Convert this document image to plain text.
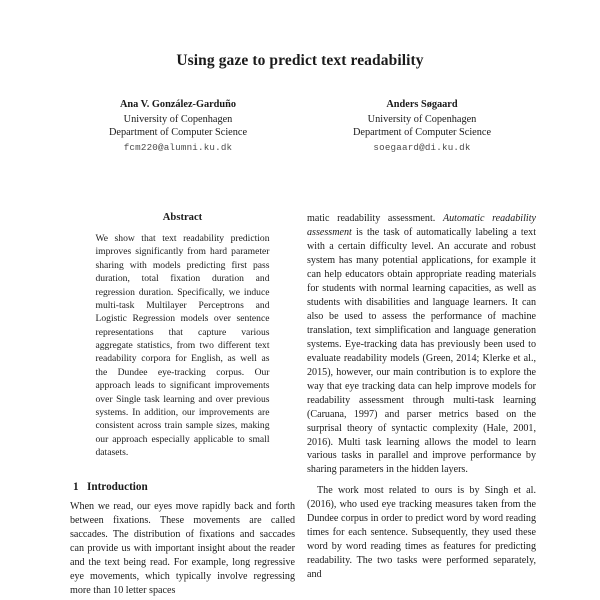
Using gaze to predict text readability
Ana V. González-Garduño
University of Copenhagen
Department of Computer Science
fcm220@alumni.ku.dk
Anders Søgaard
University of Copenhagen
Department of Computer Science
soegaard@di.ku.dk
Abstract
We show that text readability prediction improves significantly from hard parameter sharing with models predicting first pass duration, total fixation duration and regression duration. Specifically, we induce multi-task Multilayer Perceptrons and Logistic Regression models over sentence representations that capture various aggregate statistics, from two different text readability corpora for English, as well as the Dundee eye-tracking corpus. Our approach leads to significant improvements over Single task learning and over previous systems. In addition, our improvements are consistent across train sample sizes, making our approach especially applicable to small datasets.
1 Introduction

When we read, our eyes move rapidly back and forth between fixations. These movements are called saccades. The distribution of fixations and saccades can provide us with important insight about the reader and the text being read. For example, long regressive eye movements, which typically involve regressing more than 10 letter spaces

matic readability assessment. Automatic readability assessment is the task of automatically labeling a text with a certain difficulty level. An accurate and robust system has many potential applications, for example it can help educators obtain appropriate reading materials for students with normal learning capacities, as well as students with disabilities and language learners. It can also be used to assess the performance of machine translation, text simplification and language generation systems. Eye-tracking data has previously been used to evaluate readability models (Green, 2014; Klerke et al., 2015), however, our main contribution is to explore the way that eye tracking data can help improve models for readability assessment through multi-task learning (Caruana, 1997) and parser metrics based on the surprisal theory of syntactic complexity (Hale, 2001, 2016). Multi task learning allows the model to learn various tasks in parallel and improve performance by sharing parameters in the hidden layers.

The work most related to ours is by Singh et al. (2016), who used eye tracking measures taken from the Dundee corpus in order to predict word by word reading times for each sentence. Subsequently, they used these word by word reading times as features for predicting readability. The two tasks were performed separately, and
